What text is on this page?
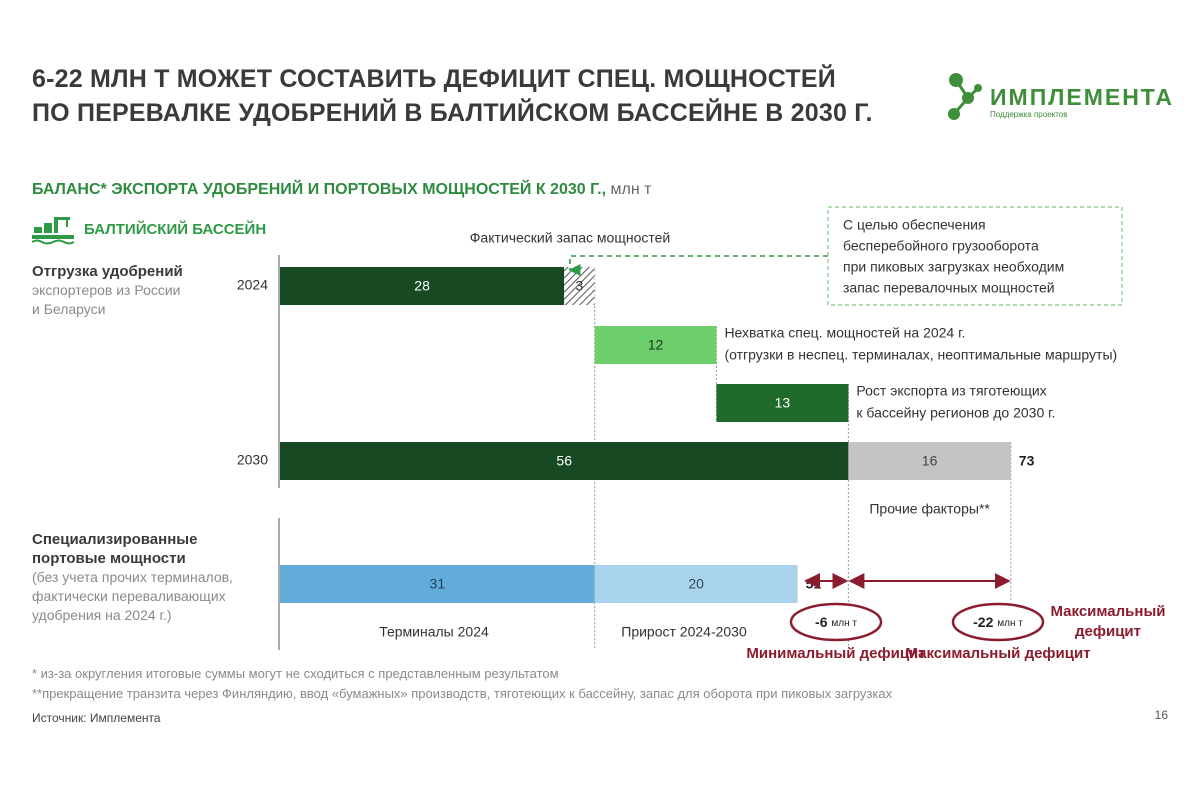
6-22 МЛН Т МОЖЕТ СОСТАВИТЬ ДЕФИЦИТ СПЕЦ. МОЩНОСТЕЙ
ПО ПЕРЕВАЛКЕ УДОБРЕНИЙ В БАЛТИЙСКОМ БАССЕЙНЕ В 2030 Г.
ИМПЛЕМЕНТА
Поддержка проектов
БАЛАНС* ЭКСПОРТА УДОБРЕНИЙ И ПОРТОВЫХ МОЩНОСТЕЙ К 2030 Г., млн т
БАЛТИЙСКИЙ БАССЕЙН
Отгрузка удобрений
экспортеров из России
и Беларуси
Специализированные
портовые мощности
(без учета прочих терминалов,
фактически переваливающих
удобрения на 2024 г.)
2024	28	3
12
Нехватка спец. мощностей на 2024 г.
(отгрузки в неспец. терминалах, неоптимальные маршруты)
13
Рост экспорта из тяготеющих
к бассейну регионов до 2030 г.
2030	56	16	73
Прочие факторы**
31	20	51
Фактический запас мощностей
С целью обеспечения
бесперебойного грузооборота
при пиковых загрузках необходим
запас перевалочных мощностей
Терминалы 2024	Прирост 2024-2030
-6 млн т
Минимальный дефицит
-22 млн т
Максимальный дефицит
Максимальный
дефицит
* из-за округления итоговые суммы могут не сходиться с представленным результатом
**прекращение транзита через Финляндию, ввод «бумажных» производств, тяготеющих к бассейну, запас для оборота при пиковых загрузках
Источник: Имплемента	16
